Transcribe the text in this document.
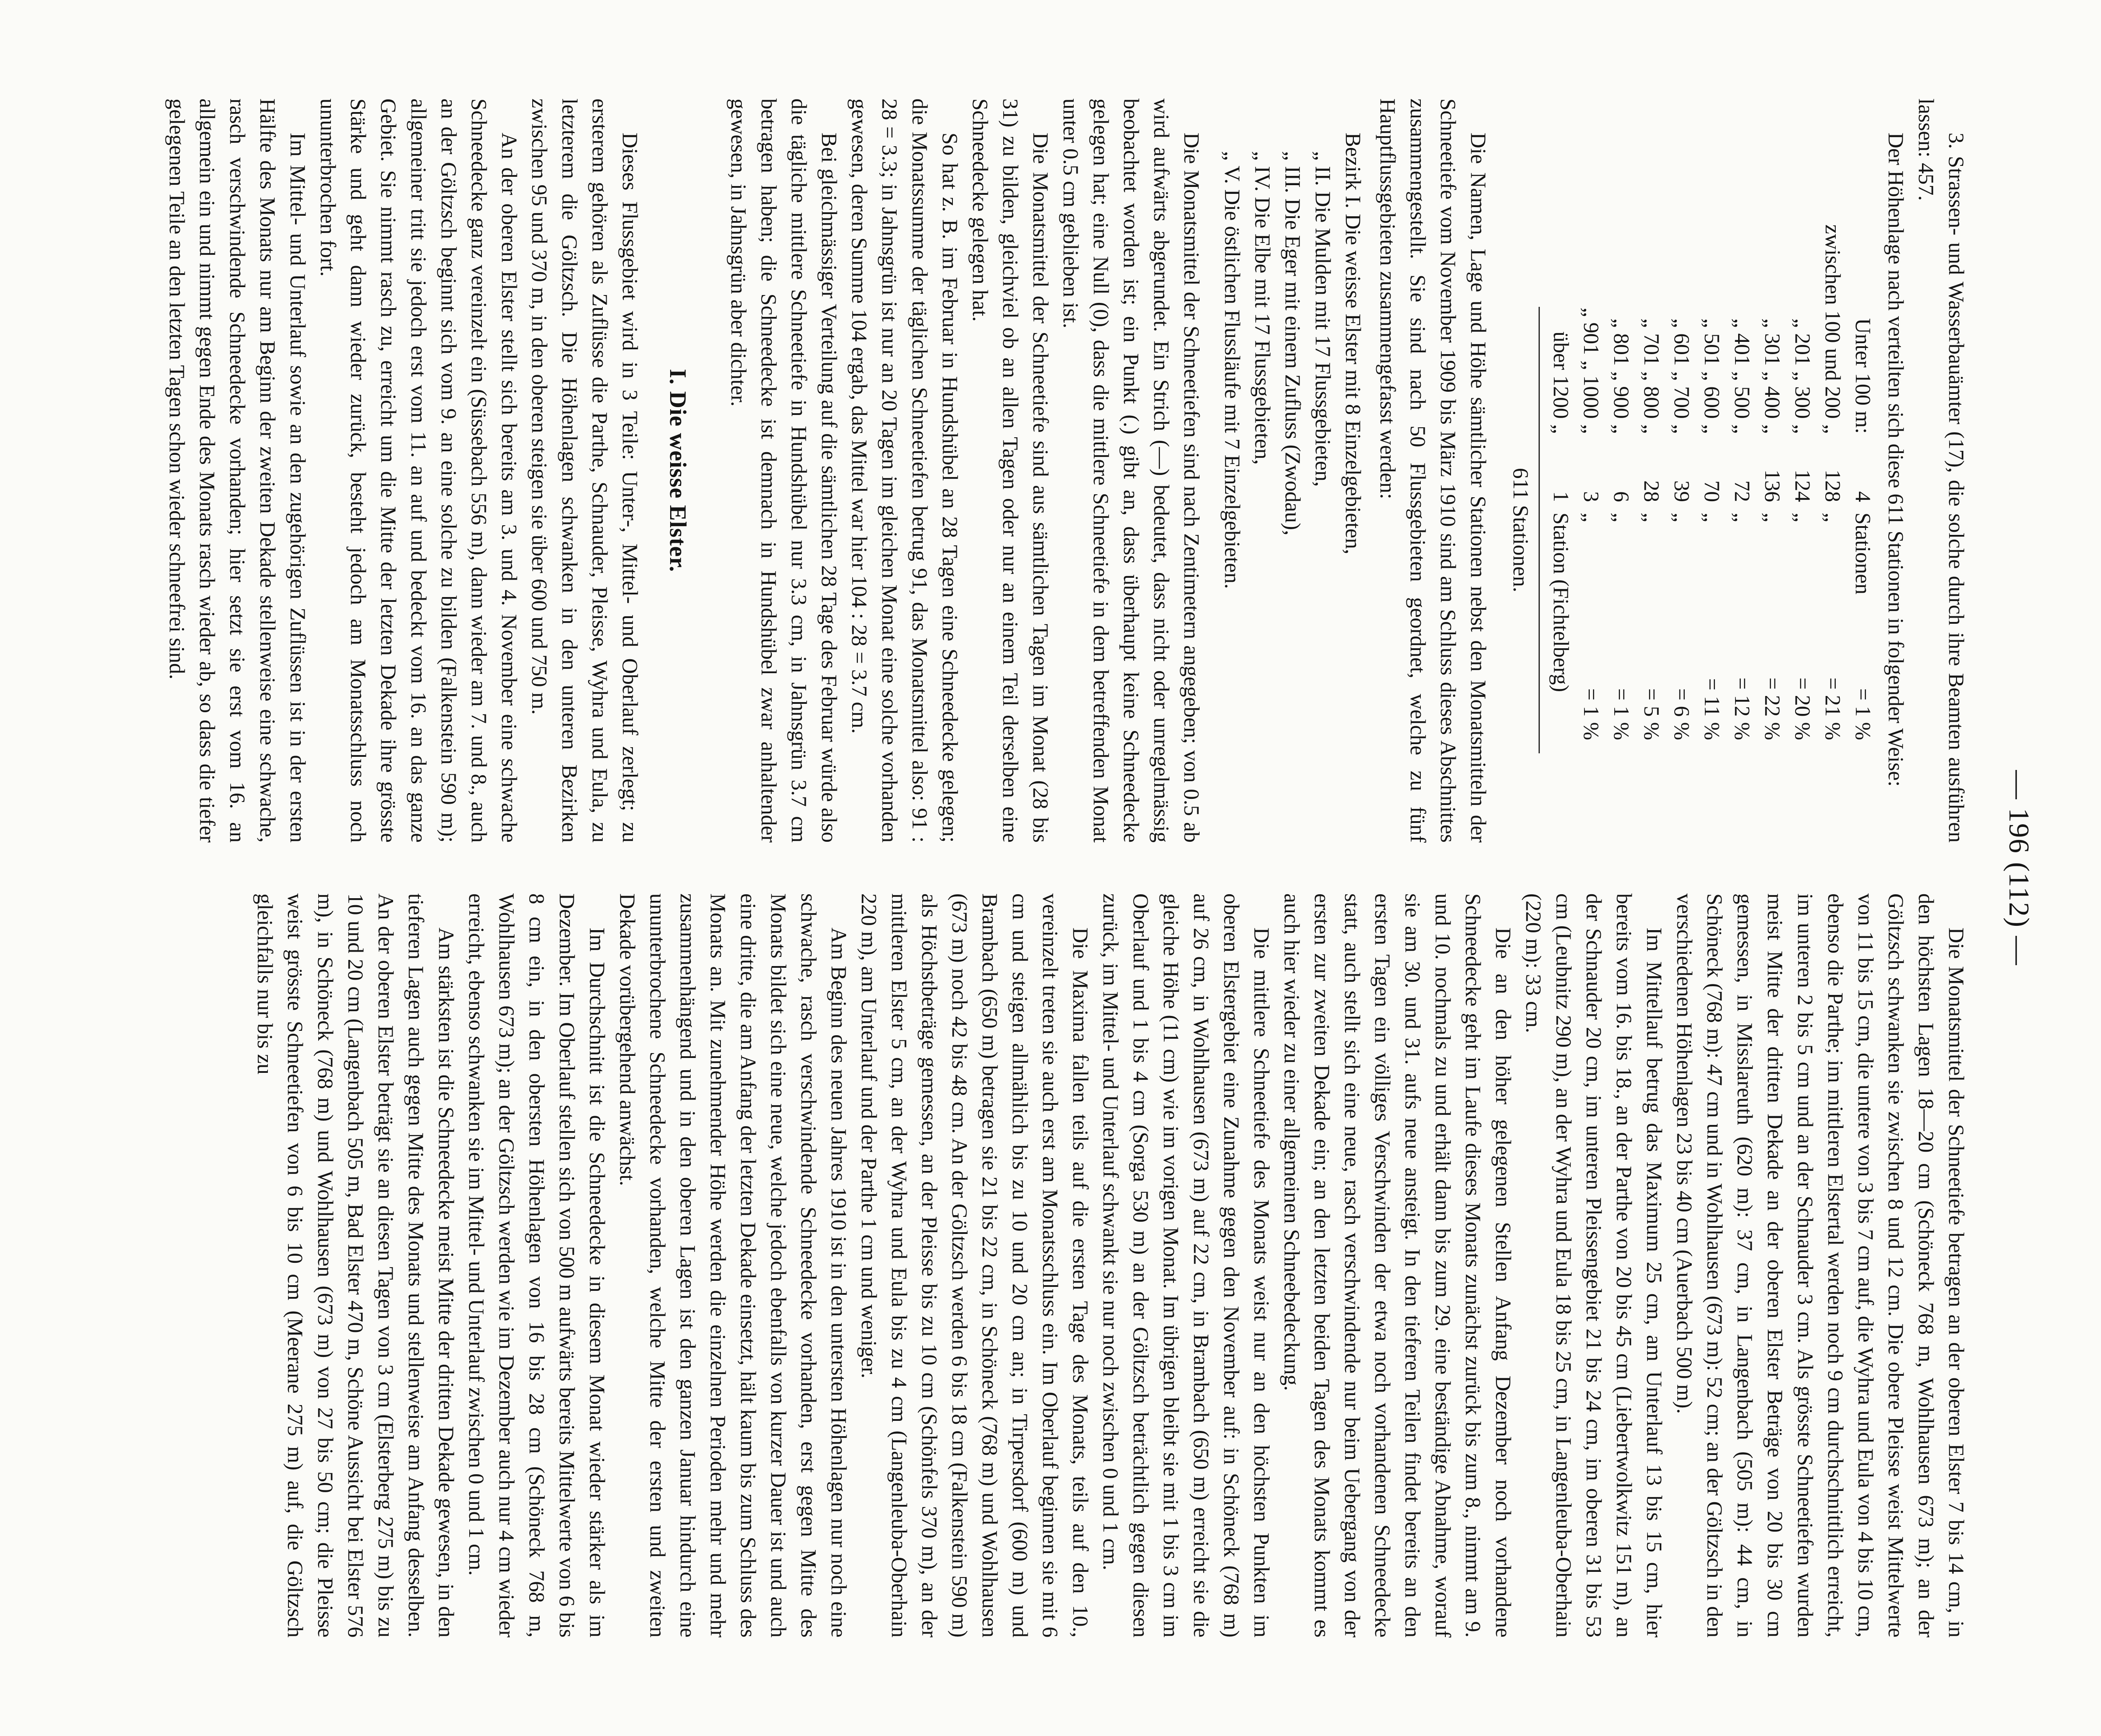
— 196 (112) —

3. Strassen- und Wasserbauämter (17), die solche durch ihre Beamten ausführen lassen: 457.

Der Höhenlage nach verteilten sich diese 611 Stationen in folgender Weise:

Unter 100 m:
4
Stationen
= 1 %
zwischen 100 und 200 „
128
„
= 21 %
„ 201 „ 300 „
124
„
= 20 %
„ 301 „ 400 „
136
„
= 22 %
„ 401 „ 500 „
72
„
= 12 %
„ 501 „ 600 „
70
„
= 11 %
„ 601 „ 700 „
39
„
= 6 %
„ 701 „ 800 „
28
„
= 5 %
„ 801 „ 900 „
6
„
= 1 %
„ 901 „ 1000 „
3
„
= 1 %
über 1200 „
1
Station (Fichtelberg)
611 Stationen.

Die Namen, Lage und Höhe sämtlicher Stationen nebst den Monatsmitteln der Schneetiefe vom November 1909 bis März 1910 sind am Schluss dieses Abschnittes zusammengestellt. Sie sind nach 50 Flussgebieten geordnet, welche zu fünf Hauptflussgebieten zusammengefasst werden:

Bezirk I. Die weisse Elster mit 8 Einzelgebieten,
„ II. Die Mulden mit 17 Flussgebieten,
„ III. Die Eger mit einem Zufluss (Zwodau),
„ IV. Die Elbe mit 17 Flussgebieten,
„ V. Die östlichen Flussläufe mit 7 Einzelgebieten.

Die Monatsmittel der Schneetiefen sind nach Zentimetern angegeben; von 0.5 ab wird aufwärts abgerundet. Ein Strich (—) bedeutet, dass nicht oder unregelmässig beobachtet worden ist; ein Punkt (.) gibt an, dass überhaupt keine Schneedecke gelegen hat; eine Null (0), dass die mittlere Schneetiefe in dem betreffenden Monat unter 0.5 cm geblieben ist.

Die Monatsmittel der Schneetiefe sind aus sämtlichen Tagen im Monat (28 bis 31) zu bilden, gleichviel ob an allen Tagen oder nur an einem Teil derselben eine Schneedecke gelegen hat.

So hat z. B. im Februar in Hundshübel an 28 Tagen eine Schneedecke gelegen; die Monatssumme der täglichen Schneetiefen betrug 91, das Monatsmittel also: 91 : 28 = 3.3; in Jahnsgrün ist nur an 20 Tagen im gleichen Monat eine solche vorhanden gewesen, deren Summe 104 ergab, das Mittel war hier 104 : 28 = 3.7 cm.

Bei gleichmässiger Verteilung auf die sämtlichen 28 Tage des Februar würde also die tägliche mittlere Schneetiefe in Hundshübel nur 3.3 cm, in Jahnsgrün 3.7 cm betragen haben; die Schneedecke ist demnach in Hundshübel zwar anhaltender gewesen, in Jahnsgrün aber dichter.

I. Die weisse Elster.

Dieses Flussgebiet wird in 3 Teile: Unter-, Mittel- und Oberlauf zerlegt; zu ersterem gehören als Zuflüsse die Parthe, Schnauder, Pleisse, Wyhra und Eula, zu letzterem die Göltzsch. Die Höhenlagen schwanken in den unteren Bezirken zwischen 95 und 370 m, in den oberen steigen sie über 600 und 750 m.

An der oberen Elster stellt sich bereits am 3. und 4. November eine schwache Schneedecke ganz vereinzelt ein (Süssebach 556 m), dann wieder am 7. und 8., auch an der Göltzsch beginnt sich vom 9. an eine solche zu bilden (Falkenstein 590 m); allgemeiner tritt sie jedoch erst vom 11. an auf und bedeckt vom 16. an das ganze Gebiet. Sie nimmt rasch zu, erreicht um die Mitte der letzten Dekade ihre grösste Stärke und geht dann wieder zurück, besteht jedoch am Monatsschluss noch ununterbrochen fort.

Im Mittel- und Unterlauf sowie an den zugehörigen Zuflüssen ist in der ersten Hälfte des Monats nur am Beginn der zweiten Dekade stellenweise eine schwache, rasch verschwindende Schneedecke vorhanden; hier setzt sie erst vom 16. an allgemein ein und nimmt gegen Ende des Monats rasch wieder ab, so dass die tiefer gelegenen Teile an den letzten Tagen schon wieder schneefrei sind.

Die Monatsmittel der Schneetiefe betragen an der oberen Elster 7 bis 14 cm, in den höchsten Lagen 18—20 cm (Schöneck 768 m, Wohlhausen 673 m); an der Göltzsch schwanken sie zwischen 8 und 12 cm. Die obere Pleisse weist Mittelwerte von 11 bis 15 cm, die untere von 3 bis 7 cm auf, die Wyhra und Eula von 4 bis 10 cm, ebenso die Parthe; im mittleren Elstertal werden noch 9 cm durchschnittlich erreicht, im unteren 2 bis 5 cm und an der Schnauder 3 cm. Als grösste Schneetiefen wurden meist Mitte der dritten Dekade an der oberen Elster Beträge von 20 bis 30 cm gemessen, in Misslareuth (620 m): 37 cm, in Langenbach (505 m): 44 cm, in Schöneck (768 m): 47 cm und in Wohlhausen (673 m): 52 cm; an der Göltzsch in den verschiedenen Höhenlagen 23 bis 40 cm (Auerbach 500 m).

Im Mittellauf betrug das Maximum 25 cm, am Unterlauf 13 bis 15 cm, hier bereits vom 16. bis 18., an der Parthe von 20 bis 45 cm (Liebertwolkwitz 151 m), an der Schnauder 20 cm, im unteren Pleissengebiet 21 bis 24 cm, im oberen 31 bis 53 cm (Leubnitz 290 m), an der Wyhra und Eula 18 bis 25 cm, in Langenleuba-Oberhain (220 m): 33 cm.

Die an den höher gelegenen Stellen Anfang Dezember noch vorhandene Schneedecke geht im Laufe dieses Monats zunächst zurück bis zum 8., nimmt am 9. und 10. nochmals zu und erhält dann bis zum 29. eine beständige Abnahme, worauf sie am 30. und 31. aufs neue ansteigt. In den tieferen Teilen findet bereits an den ersten Tagen ein völliges Verschwinden der etwa noch vorhandenen Schneedecke statt, auch stellt sich eine neue, rasch verschwindende nur beim Uebergang von der ersten zur zweiten Dekade ein; an den letzten beiden Tagen des Monats kommt es auch hier wieder zu einer allgemeinen Schneebedeckung.

Die mittlere Schneetiefe des Monats weist nur an den höchsten Punkten im oberen Elstergebiet eine Zunahme gegen den November auf: in Schöneck (768 m) auf 26 cm, in Wohlhausen (673 m) auf 22 cm, in Brambach (650 m) erreicht sie die gleiche Höhe (11 cm) wie im vorigen Monat. Im übrigen bleibt sie mit 1 bis 3 cm im Oberlauf und 1 bis 4 cm (Sorga 530 m) an der Göltzsch beträchtlich gegen diesen zurück, im Mittel- und Unterlauf schwankt sie nur noch zwischen 0 und 1 cm.

Die Maxima fallen teils auf die ersten Tage des Monats, teils auf den 10., vereinzelt treten sie auch erst am Monatsschluss ein. Im Oberlauf beginnen sie mit 6 cm und steigen allmählich bis zu 10 und 20 cm an; in Tirpersdorf (600 m) und Brambach (650 m) betragen sie 21 bis 22 cm, in Schöneck (768 m) und Wohlhausen (673 m) noch 42 bis 48 cm. An der Göltzsch werden 6 bis 18 cm (Falkenstein 590 m) als Höchstbeträge gemessen, an der Pleisse bis zu 10 cm (Schönfels 370 m), an der mittleren Elster 5 cm, an der Wyhra und Eula bis zu 4 cm (Langenleuba-Oberhain 220 m), am Unterlauf und der Parthe 1 cm und weniger.

Am Beginn des neuen Jahres 1910 ist in den untersten Höhenlagen nur noch eine schwache, rasch verschwindende Schneedecke vorhanden, erst gegen Mitte des Monats bildet sich eine neue, welche jedoch ebenfalls von kurzer Dauer ist und auch eine dritte, die am Anfang der letzten Dekade einsetzt, hält kaum bis zum Schluss des Monats an. Mit zunehmender Höhe werden die einzelnen Perioden mehr und mehr zusammenhängend und in den oberen Lagen ist den ganzen Januar hindurch eine ununterbrochene Schneedecke vorhanden, welche Mitte der ersten und zweiten Dekade vorübergehend anwächst.

Im Durchschnitt ist die Schneedecke in diesem Monat wieder stärker als im Dezember. Im Oberlauf stellen sich von 500 m aufwärts bereits Mittelwerte von 6 bis 8 cm ein, in den obersten Höhenlagen von 16 bis 28 cm (Schöneck 768 m, Wohlhausen 673 m); an der Göltzsch werden wie im Dezember auch nur 4 cm wieder erreicht, ebenso schwanken sie im Mittel- und Unterlauf zwischen 0 und 1 cm.

Am stärksten ist die Schneedecke meist Mitte der dritten Dekade gewesen, in den tieferen Lagen auch gegen Mitte des Monats und stellenweise am Anfang desselben. An der oberen Elster beträgt sie an diesen Tagen von 3 cm (Elsterberg 275 m) bis zu 10 und 20 cm (Langenbach 505 m, Bad Elster 470 m, Schöne Aussicht bei Elster 576 m), in Schöneck (768 m) und Wohlhausen (673 m) von 27 bis 50 cm; die Pleisse weist grösste Schneetiefen von 6 bis 10 cm (Meerane 275 m) auf, die Göltzsch gleichfalls nur bis zu
